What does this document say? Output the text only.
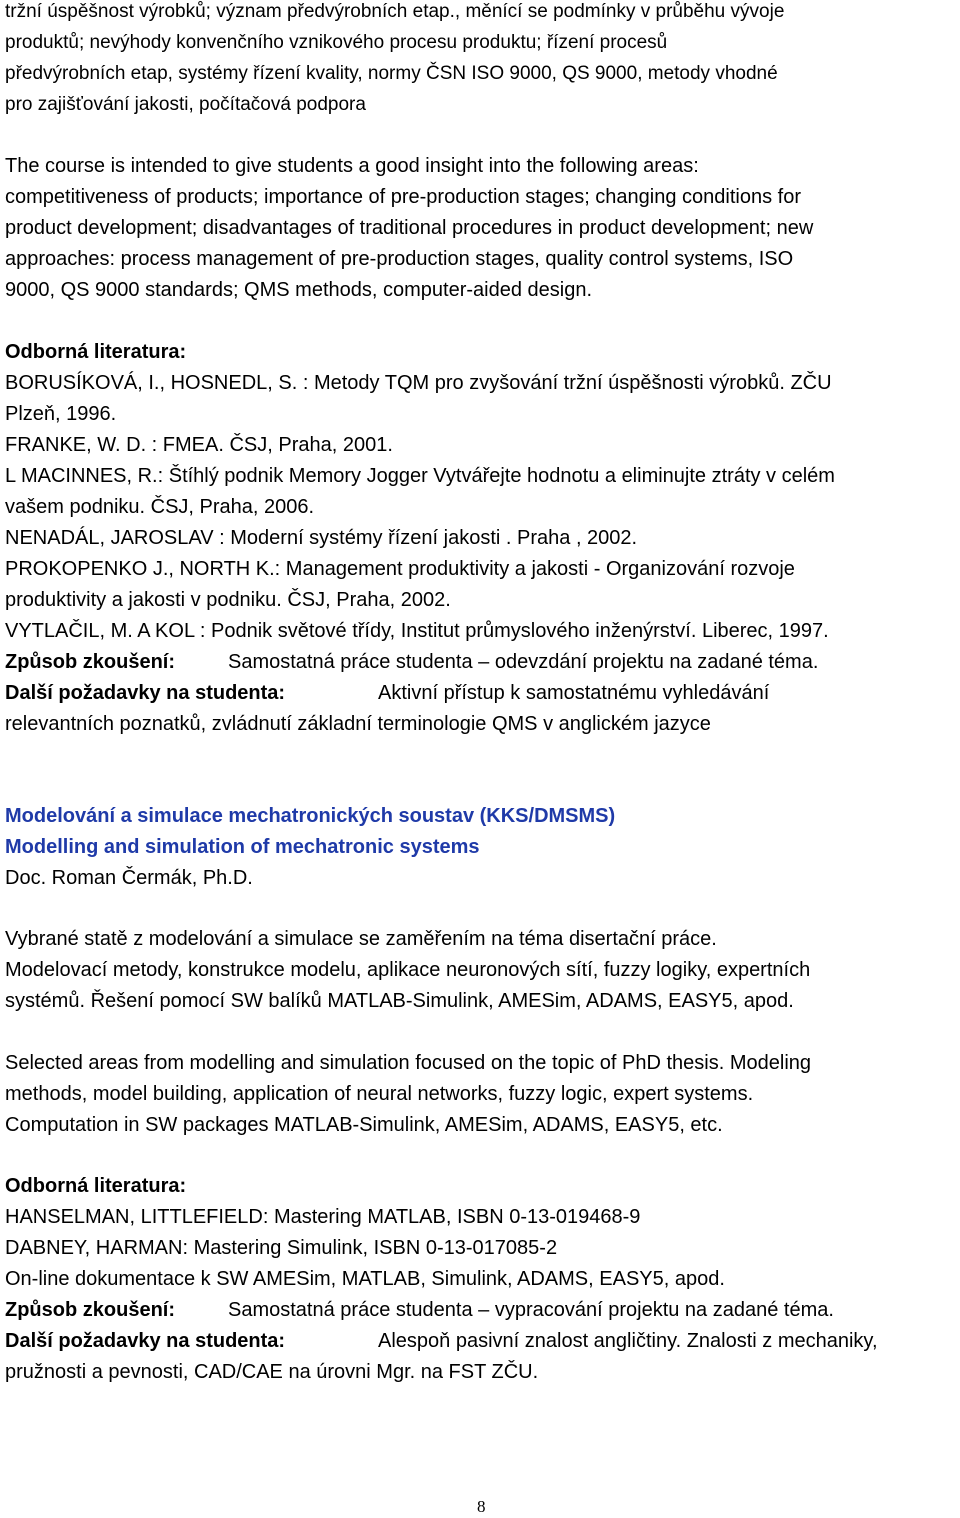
tržní úspěšnost výrobků; význam předvýrobních etap., měnící se podmínky v průběhu vývoje
produktů; nevýhody konvenčního vznikového procesu produktu; řízení procesů
předvýrobních etap, systémy řízení kvality, normy ČSN ISO 9000, QS 9000, metody vhodné
pro zajišťování jakosti, počítačová podpora
The course is intended to give students a good insight into the following areas:
competitiveness of products; importance of pre-production stages; changing conditions for
product development; disadvantages of traditional procedures in product development; new
approaches: process management of pre-production stages, quality control systems, ISO
9000, QS 9000 standards; QMS methods, computer-aided design.
Odborná literatura:
BORUSÍKOVÁ, I., HOSNEDL, S. : Metody TQM pro zvyšování tržní úspěšnosti výrobků. ZČU
Plzeň, 1996.
FRANKE, W. D. : FMEA. ČSJ, Praha, 2001.
L MACINNES, R.: Štíhlý podnik Memory Jogger Vytvářejte hodnotu a eliminujte ztráty v celém
vašem podniku. ČSJ, Praha, 2006.
NENADÁL, JAROSLAV : Moderní systémy řízení jakosti . Praha , 2002.
PROKOPENKO J., NORTH K.: Management produktivity a jakosti - Organizování rozvoje
produktivity a jakosti v podniku. ČSJ, Praha, 2002.
VYTLAČIL, M. A KOL : Podnik světové třídy, Institut průmyslového inženýrství. Liberec, 1997.
Způsob zkoušení:	Samostatná práce studenta – odevzdání projektu na zadané téma.
Další požadavky na studenta:	Aktivní přístup k samostatnému vyhledávání
relevantních poznatků, zvládnutí základní terminologie QMS v anglickém jazyce
Modelování a simulace mechatronických soustav (KKS/DMSMS)
Modelling and simulation of mechatronic systems
Doc. Roman Čermák, Ph.D.
Vybrané statě z modelování a simulace se zaměřením na téma disertační práce.
Modelovací metody, konstrukce modelu, aplikace neuronových sítí, fuzzy logiky, expertních
systémů. Řešení pomocí SW balíků MATLAB-Simulink, AMESim, ADAMS, EASY5, apod.
Selected areas from modelling and simulation focused on the topic of PhD thesis. Modeling
methods, model building, application of neural networks, fuzzy logic, expert systems.
Computation in SW packages MATLAB-Simulink, AMESim, ADAMS, EASY5, etc.
Odborná literatura:
HANSELMAN, LITTLEFIELD: Mastering MATLAB, ISBN 0-13-019468-9
DABNEY, HARMAN: Mastering Simulink, ISBN 0-13-017085-2
On-line dokumentace k SW AMESim, MATLAB, Simulink, ADAMS, EASY5, apod.
Způsob zkoušení:	Samostatná práce studenta – vypracování projektu na zadané téma.
Další požadavky na studenta:	Alespoň pasivní znalost angličtiny. Znalosti z mechaniky,
pružnosti a pevnosti, CAD/CAE na úrovni Mgr. na FST ZČU.
8
